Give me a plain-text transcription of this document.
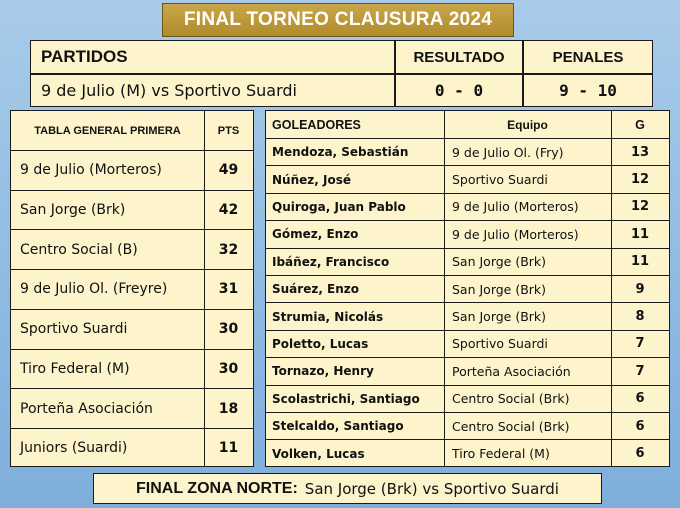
FINAL TORNEO CLAUSURA 2024
PARTIDOS	RESULTADO	PENALES
9 de Julio (M) vs Sportivo Suardi	0 - 0	9 - 10
TABLA GENERAL PRIMERA	PTS
9 de Julio (Morteros)	49
San Jorge (Brk)	42
Centro Social (B)	32
9 de Julio Ol. (Freyre)	31
Sportivo Suardi	30
Tiro Federal (M)	30
Porteña Asociación	18
Juniors (Suardi)	11
GOLEADORES	Equipo	G
Mendoza, Sebastián	9 de Julio Ol. (Fry)	13
Núñez, José	Sportivo Suardi	12
Quiroga, Juan Pablo	9 de Julio (Morteros)	12
Gómez, Enzo	9 de Julio (Morteros)	11
Ibáñez, Francisco	San Jorge (Brk)	11
Suárez, Enzo	San Jorge (Brk)	9
Strumia, Nicolás	San Jorge (Brk)	8
Poletto, Lucas	Sportivo Suardi	7
Tornazo, Henry	Porteña Asociación	7
Scolastrichi, Santiago	Centro Social (Brk)	6
Stelcaldo, Santiago	Centro Social (Brk)	6
Volken, Lucas	Tiro Federal (M)	6
FINAL ZONA NORTE: San Jorge (Brk) vs Sportivo Suardi
